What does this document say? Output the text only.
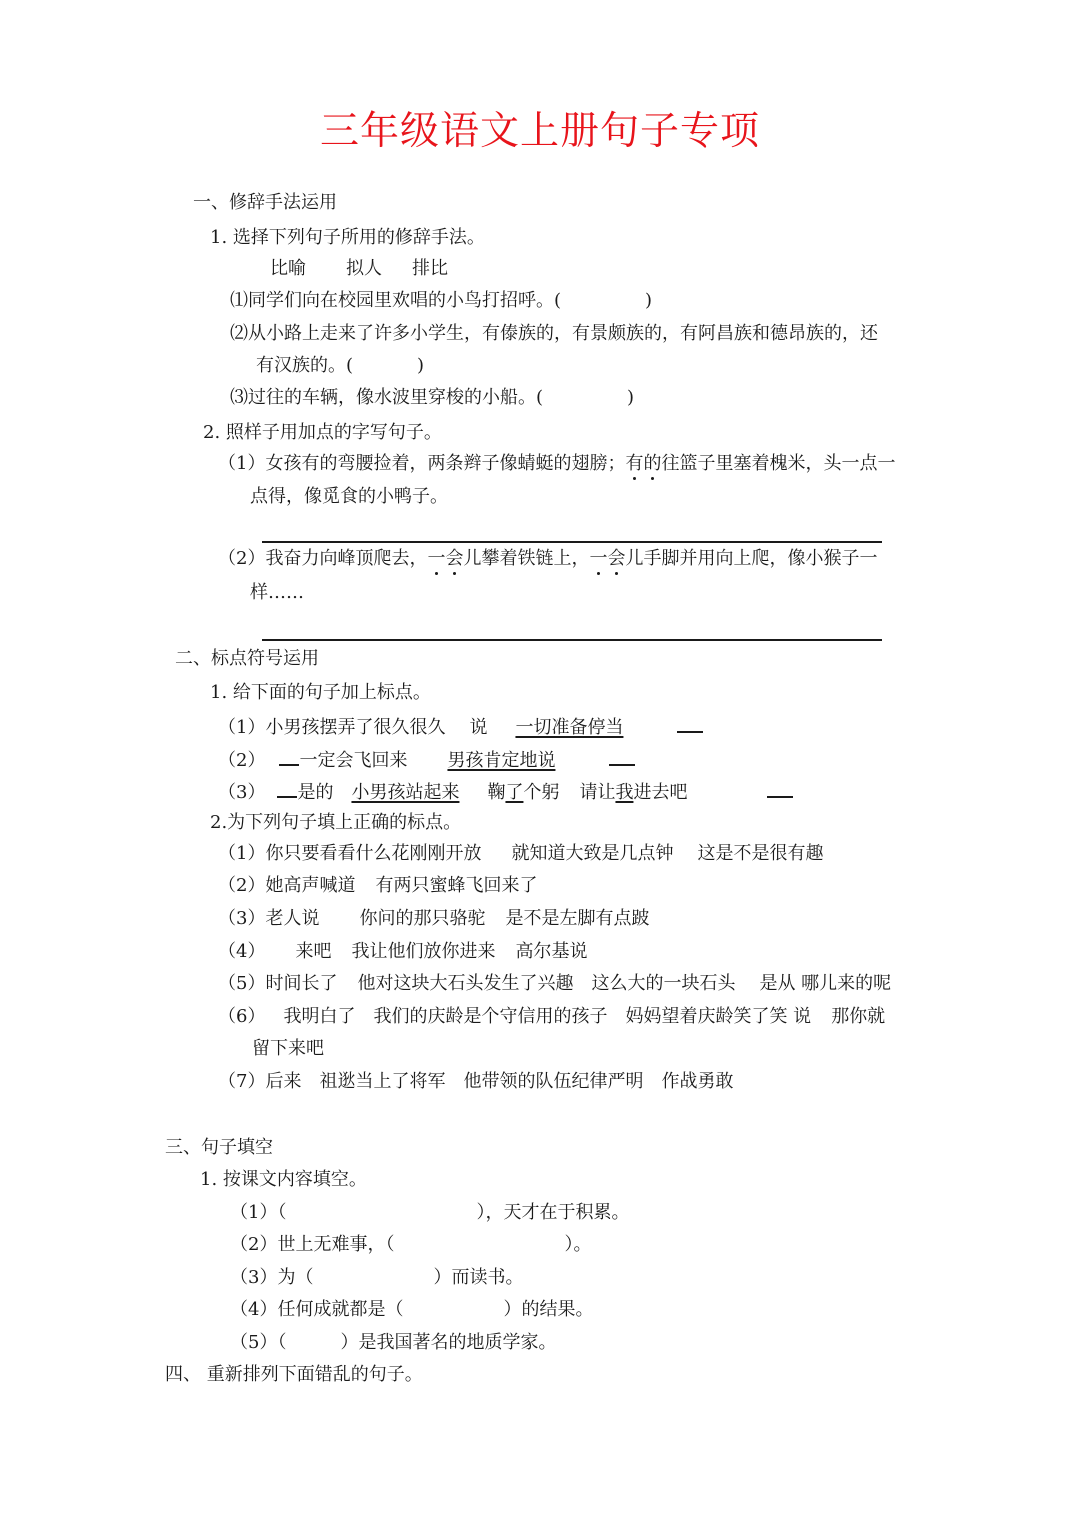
三年级语文上册句子专项
一、修辞手法运用
1. 选择下列句子所用的修辞手法。
比喻 拟人 排比
⑴同学们向在校园里欢唱的小鸟打招呼。(	)
⑵从小路上走来了许多小学生，有傣族的，有景颇族的，有阿昌族和德昂族的，还
有汉族的。(	)
⑶过往的车辆，像水波里穿梭的小船。(	)
2. 照样子用加点的字写句子。
（1）女孩有的弯腰捡着，两条辫子像蜻蜓的翅膀；有的往篮子里塞着槐米，头一点一
点得，像觅食的小鸭子。
（2）我奋力向峰顶爬去，一会儿攀着铁链上，一会儿手脚并用向上爬，像小猴子一
样……
二、标点符号运用
1. 给下面的句子加上标点。
（1）小男孩摆弄了很久很久 说 一切准备停当
（2） 一定会飞回来 男孩肯定地说
（3） 是的 小男孩站起来 鞠了个躬 请让我进去吧
2.为下列句子填上正确的标点。
（1）你只要看看什么花刚刚开放 就知道大致是几点钟 这是不是很有趣
（2）她高声喊道 有两只蜜蜂飞回来了
（3）老人说 你问的那只骆驼 是不是左脚有点跛
（4） 来吧 我让他们放你进来 高尔基说
（5）时间长了 他对这块大石头发生了兴趣 这么大的一块石头 是从 哪儿来的呢
（6） 我明白了 我们的庆龄是个守信用的孩子 妈妈望着庆龄笑了笑 说 那你就
留下来吧
（7）后来 祖逖当上了将军 他带领的队伍纪律严明 作战勇敢
三、句子填空
1. 按课文内容填空。
（1）（	），天才在于积累。
（2）世上无难事，（	）。
（3）为（	）而读书。
（4）任何成就都是（	）的结果。
（5）（	）是我国著名的地质学家。
四、 重新排列下面错乱的句子。
